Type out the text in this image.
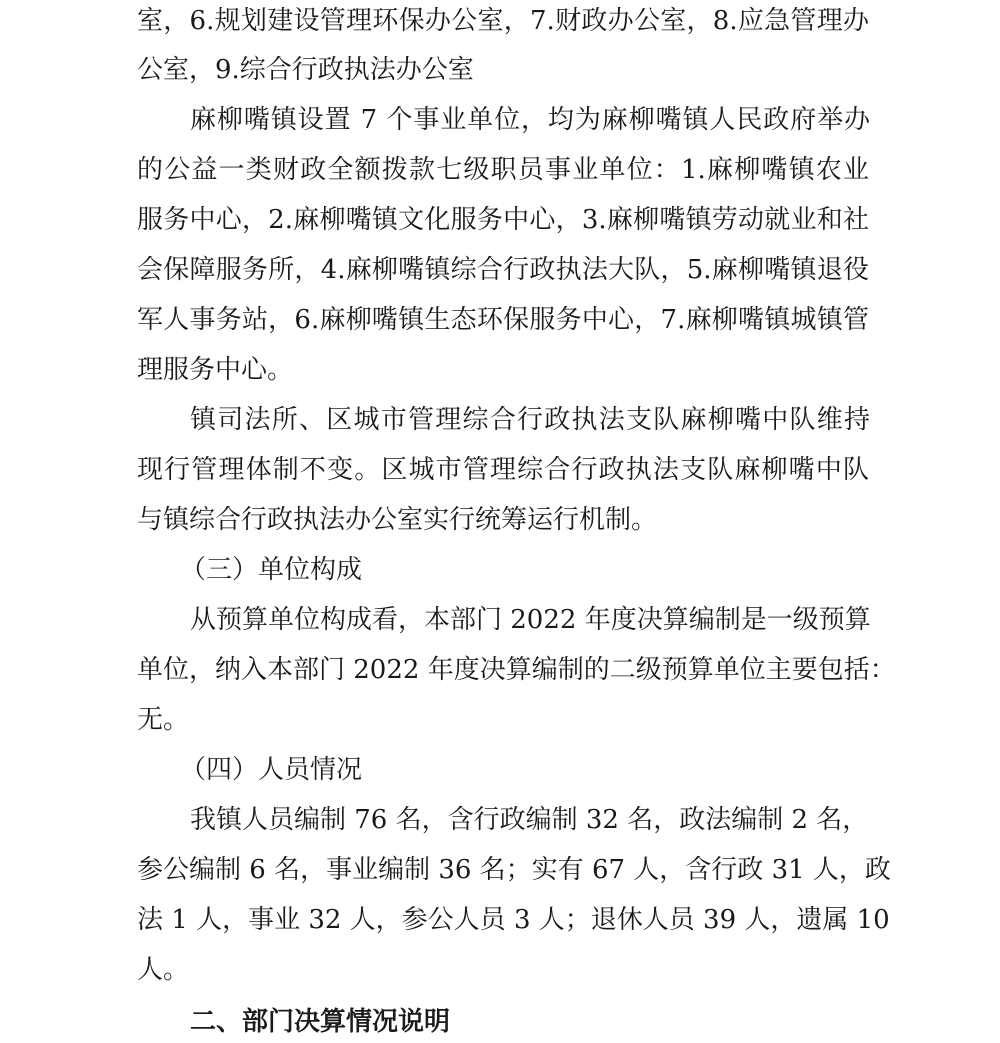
室，6.规划建设管理环保办公室，7.财政办公室，8.应急管理办
公室，9.综合行政执法办公室
麻柳嘴镇设置 7 个事业单位，均为麻柳嘴镇人民政府举办
的公益一类财政全额拨款七级职员事业单位：1.麻柳嘴镇农业
服务中心，2.麻柳嘴镇文化服务中心，3.麻柳嘴镇劳动就业和社
会保障服务所，4.麻柳嘴镇综合行政执法大队，5.麻柳嘴镇退役
军人事务站，6.麻柳嘴镇生态环保服务中心，7.麻柳嘴镇城镇管
理服务中心。
镇司法所、区城市管理综合行政执法支队麻柳嘴中队维持
现行管理体制不变。区城市管理综合行政执法支队麻柳嘴中队
与镇综合行政执法办公室实行统筹运行机制。
（三）单位构成
从预算单位构成看，本部门 2022 年度决算编制是一级预算
单位，纳入本部门 2022 年度决算编制的二级预算单位主要包括：
无。
（四）人员情况
我镇人员编制 76 名，含行政编制 32 名，政法编制 2 名，
参公编制 6 名，事业编制 36 名；实有 67 人，含行政 31 人，政
法 1 人，事业 32 人，参公人员 3 人；退休人员 39 人，遗属 10
人。
二、部门决算情况说明
